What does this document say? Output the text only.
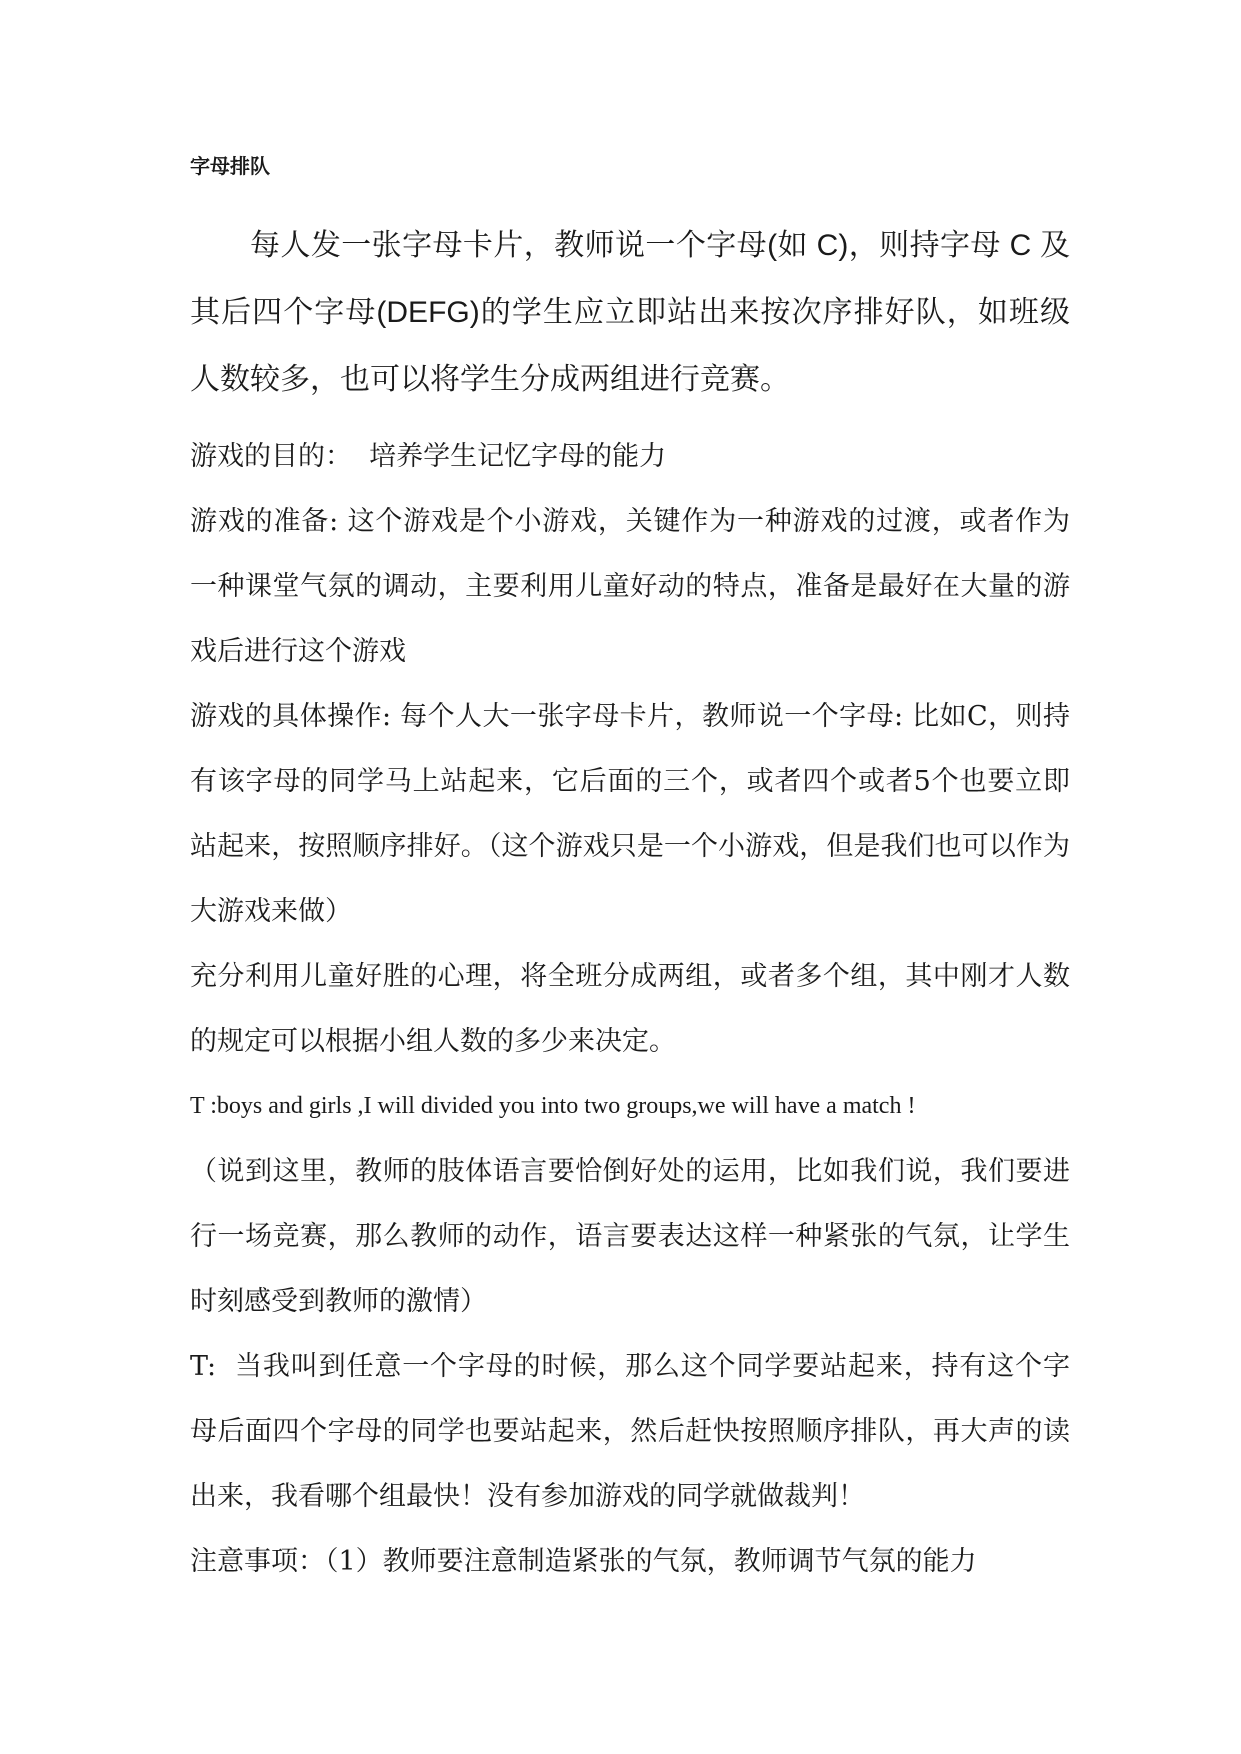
字母排队

每人发一张字母卡片，教师说一个字母(如 C)，则持字母 C 及其后四个字母(DEFG)的学生应立即站出来按次序排好队，如班级人数较多，也可以将学生分成两组进行竞赛。

游戏的目的：  培养学生记忆字母的能力

游戏的准备: 这个游戏是个小游戏，关键作为一种游戏的过渡，或者作为一种课堂气氛的调动，主要利用儿童好动的特点，准备是最好在大量的游戏后进行这个游戏

游戏的具体操作: 每个人大一张字母卡片，教师说一个字母: 比如C，则持有该字母的同学马上站起来，它后面的三个，或者四个或者5个也要立即站起来，按照顺序排好。（这个游戏只是一个小游戏，但是我们也可以作为大游戏来做）

充分利用儿童好胜的心理，将全班分成两组，或者多个组，其中刚才人数的规定可以根据小组人数的多少来决定。

T :boys and girls ,I will divided you into two groups,we will have a match !

（说到这里，教师的肢体语言要恰倒好处的运用，比如我们说，我们要进行一场竞赛，那么教师的动作，语言要表达这样一种紧张的气氛，让学生时刻感受到教师的激情）

T:  当我叫到任意一个字母的时候，那么这个同学要站起来，持有这个字母后面四个字母的同学也要站起来，然后赶快按照顺序排队，再大声的读出来，我看哪个组最快！没有参加游戏的同学就做裁判！

注意事项：（1）教师要注意制造紧张的气氛，教师调节气氛的能力
